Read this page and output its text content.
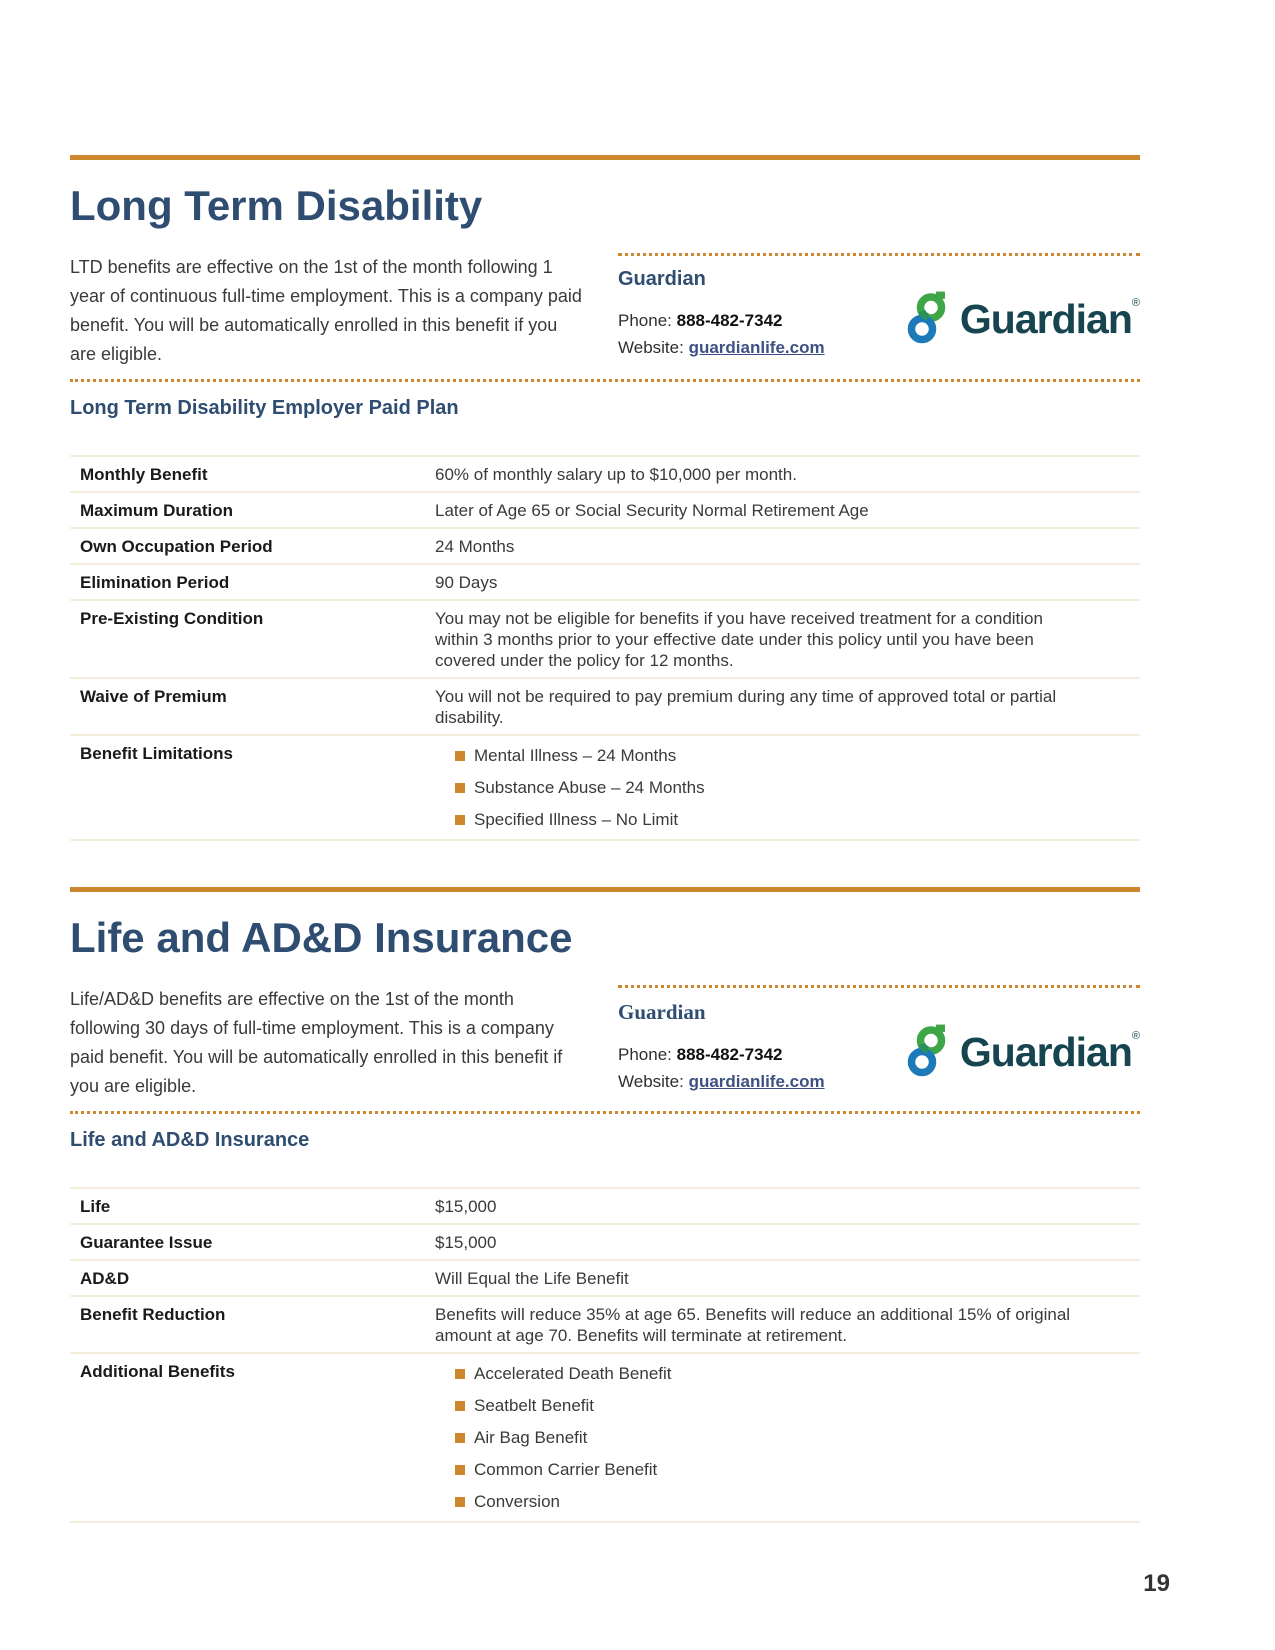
Long Term Disability

LTD benefits are effective on the 1st of the month following 1 year of continuous full-time employment. This is a company paid benefit. You will be automatically enrolled in this benefit if you are eligible.

Guardian

Phone: 888-482-7342

Website: guardianlife.com

Guardian ®
Long Term Disability Employer Paid Plan
Monthly Benefit	60% of monthly salary up to $10,000 per month.
Maximum Duration	Later of Age 65 or Social Security Normal Retirement Age
Own Occupation Period	24 Months
Elimination Period	90 Days
Pre-Existing Condition	You may not be eligible for benefits if you have received treatment for a condition within 3 months prior to your effective date under this policy until you have been covered under the policy for 12 months.
Waive of Premium	You will not be required to pay premium during any time of approved total or partial disability.
Benefit Limitations	Mental Illness – 24 Months
Substance Abuse – 24 Months
Specified Illness – No Limit
Life and AD&D Insurance

Life/AD&D benefits are effective on the 1st of the month following 30 days of full-time employment. This is a company paid benefit. You will be automatically enrolled in this benefit if you are eligible.

Guardian

Phone: 888-482-7342

Website: guardianlife.com

Guardian ®
Life and AD&D Insurance
Life	$15,000
Guarantee Issue	$15,000
AD&D	Will Equal the Life Benefit
Benefit Reduction	Benefits will reduce 35% at age 65. Benefits will reduce an additional 15% of original amount at age 70. Benefits will terminate at retirement.
Additional Benefits	Accelerated Death Benefit
Seatbelt Benefit
Air Bag Benefit
Common Carrier Benefit
Conversion
19
